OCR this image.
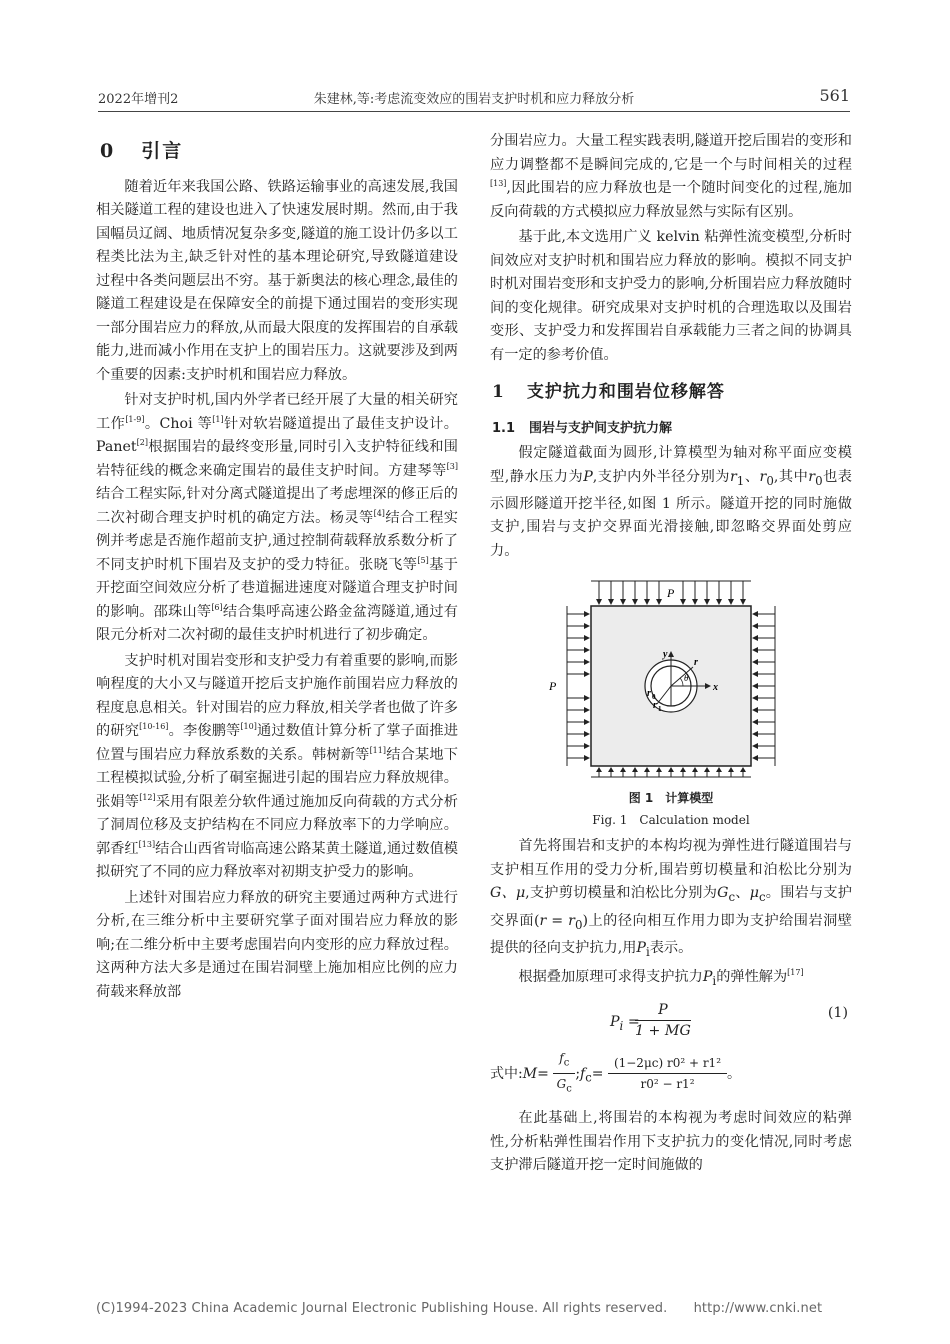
2022年增刊2	朱建林,等:考虑流变效应的围岩支护时机和应力释放分析	561
0 引言

随着近年来我国公路、铁路运输事业的高速发展,我国相关隧道工程的建设也进入了快速发展时期。然而,由于我国幅员辽阔、地质情况复杂多变,隧道的施工设计仍多以工程类比法为主,缺乏针对性的基本理论研究,导致隧道建设过程中各类问题层出不穷。基于新奥法的核心理念,最佳的隧道工程建设是在保障安全的前提下通过围岩的变形实现一部分围岩应力的释放,从而最大限度的发挥围岩的自承载能力,进而减小作用在支护上的围岩压力。这就要涉及到两个重要的因素:支护时机和围岩应力释放。

针对支护时机,国内外学者已经开展了大量的相关研究工作[1-9]。Choi 等[1]针对软岩隧道提出了最佳支护设计。Panet[2]根据围岩的最终变形量,同时引入支护特征线和围岩特征线的概念来确定围岩的最佳支护时间。方建琴等[3]结合工程实际,针对分离式隧道提出了考虑埋深的修正后的二次衬砌合理支护时机的确定方法。杨灵等[4]结合工程实例并考虑是否施作超前支护,通过控制荷载释放系数分析了不同支护时机下围岩及支护的受力特征。张晓飞等[5]基于开挖面空间效应分析了巷道掘进速度对隧道合理支护时间的影响。邵珠山等[6]结合集呼高速公路金盆湾隧道,通过有限元分析对二次衬砌的最佳支护时机进行了初步确定。

支护时机对围岩变形和支护受力有着重要的影响,而影响程度的大小又与隧道开挖后支护施作前围岩应力释放的程度息息相关。针对围岩的应力释放,相关学者也做了许多的研究[10-16]。李俊鹏等[10]通过数值计算分析了掌子面推进位置与围岩应力释放系数的关系。韩树新等[11]结合某地下工程模拟试验,分析了硐室掘进引起的围岩应力释放规律。张娟等[12]采用有限差分软件通过施加反向荷载的方式分析了洞周位移及支护结构在不同应力释放率下的力学响应。郭香红[13]结合山西省岢临高速公路某黄土隧道,通过数值模拟研究了不同的应力释放率对初期支护受力的影响。

上述针对围岩应力释放的研究主要通过两种方式进行分析,在三维分析中主要研究掌子面对围岩应力释放的影响;在二维分析中主要考虑围岩向内变形的应力释放过程。这两种方法大多是通过在围岩洞壁上施加相应比例的应力荷载来释放部

分围岩应力。大量工程实践表明,隧道开挖后围岩的变形和应力调整都不是瞬间完成的,它是一个与时间相关的过程[13],因此围岩的应力释放也是一个随时间变化的过程,施加反向荷载的方式模拟应力释放显然与实际有区别。

基于此,本文选用广义 kelvin 粘弹性流变模型,分析时间效应对支护时机和围岩应力释放的影响。模拟不同支护时机对围岩变形和支护受力的影响,分析围岩应力释放随时间的变化规律。研究成果对支护时机的合理选取以及围岩变形、支护受力和发挥围岩自承载能力三者之间的协调具有一定的参考价值。

1 支护抗力和围岩位移解答
1.1 围岩与支护间支护抗力解

假定隧道截面为圆形,计算模型为轴对称平面应变模型,静水压力为P,支护内外半径分别为$r_1$、$r_0$,其中$r_0$也表示圆形隧道开挖半径,如图 1 所示。隧道开挖的同时施做支护,围岩与支护交界面光滑接触,即忽略交界面处剪应力。

P
P
y
r
θ
r 0
r 1
x
图 1　计算模型
Fig. 1　Calculation model

首先将围岩和支护的本构均视为弹性进行隧道围岩与支护相互作用的受力分析,围岩剪切模量和泊松比分别为G、μ,支护剪切模量和泊松比分别为$G_c$、$\mu_c$。围岩与支护交界面$(r = r_0)$上的径向相互作用力即为支护给围岩洞壁提供的径向支护抗力,用$P_i$表示。

根据叠加原理可求得支护抗力$P_i$的弹性解为[17]

$P_i$ =
$\frac{P}{1 + MG}$	(1)
式中:M= $\frac{f_c}{G_c}$ $;f_c= \frac{\text{(1−2μc) r0² + r1²}}{\text{r0² − r1²}}$ 。

在此基础上,将围岩的本构视为考虑时间效应的粘弹性,分析粘弹性围岩作用下支护抗力的变化情况,同时考虑支护滞后隧道开挖一定时间施做的

(C)1994-2023 China Academic Journal Electronic Publishing House. All rights reserved.　　http://www.cnki.net
